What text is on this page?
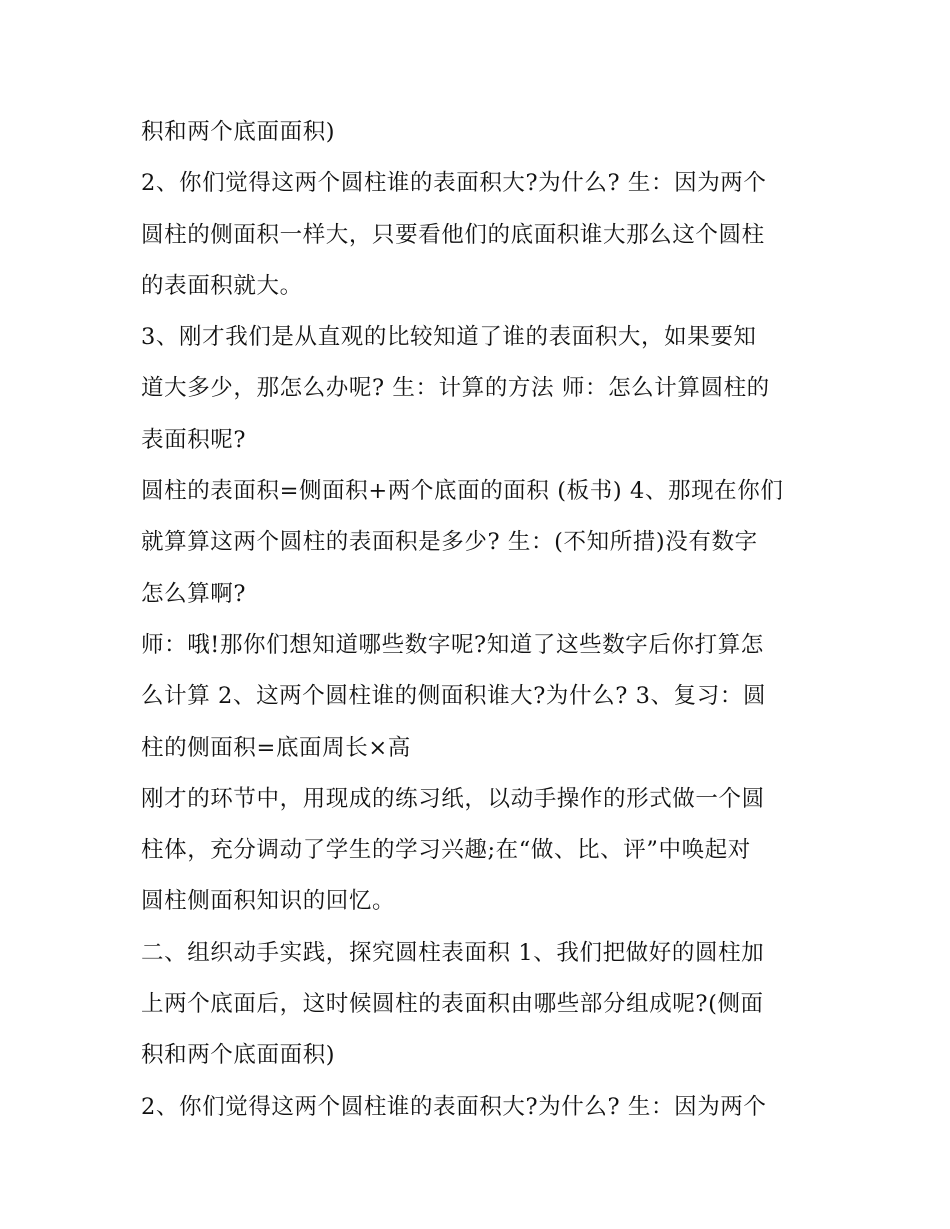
积和两个底面面积)

2、你们觉得这两个圆柱谁的表面积大?为什么? 生：因为两个

圆柱的侧面积一样大，只要看他们的底面积谁大那么这个圆柱

的表面积就大。

3、刚才我们是从直观的比较知道了谁的表面积大，如果要知

道大多少，那怎么办呢? 生：计算的方法 师：怎么计算圆柱的

表面积呢?

圆柱的表面积=侧面积+两个底面的面积 (板书) 4、那现在你们

就算算这两个圆柱的表面积是多少? 生：(不知所措)没有数字

怎么算啊?

师：哦!那你们想知道哪些数字呢?知道了这些数字后你打算怎

么计算 2、这两个圆柱谁的侧面积谁大?为什么? 3、复习：圆

柱的侧面积=底面周长×高

刚才的环节中，用现成的练习纸，以动手操作的形式做一个圆

柱体，充分调动了学生的学习兴趣;在“做、比、评”中唤起对

圆柱侧面积知识的回忆。

二、组织动手实践，探究圆柱表面积 1、我们把做好的圆柱加

上两个底面后，这时候圆柱的表面积由哪些部分组成呢?(侧面

积和两个底面面积)

2、你们觉得这两个圆柱谁的表面积大?为什么? 生：因为两个
